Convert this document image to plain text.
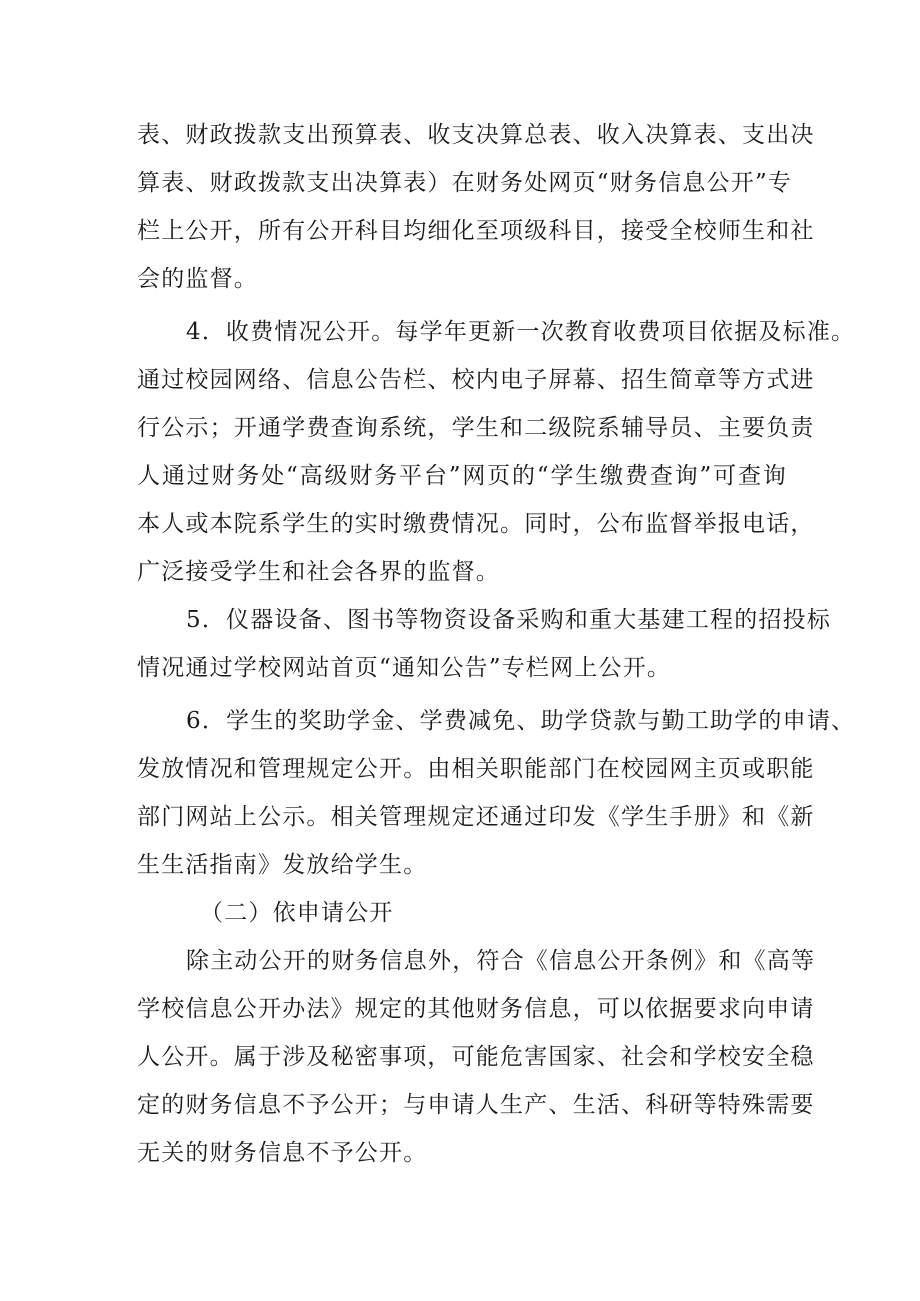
表、财政拨款支出预算表、收支决算总表、收入决算表、支出决
算表、财政拨款支出决算表）在财务处网页“财务信息公开”专
栏上公开，所有公开科目均细化至项级科目，接受全校师生和社
会的监督。
4．收费情况公开。每学年更新一次教育收费项目依据及标准。
通过校园网络、信息公告栏、校内电子屏幕、招生简章等方式进
行公示；开通学费查询系统，学生和二级院系辅导员、主要负责
人通过财务处“高级财务平台”网页的“学生缴费查询”可查询
本人或本院系学生的实时缴费情况。同时，公布监督举报电话，
广泛接受学生和社会各界的监督。
5．仪器设备、图书等物资设备采购和重大基建工程的招投标
情况通过学校网站首页“通知公告”专栏网上公开。
6．学生的奖助学金、学费减免、助学贷款与勤工助学的申请、
发放情况和管理规定公开。由相关职能部门在校园网主页或职能
部门网站上公示。相关管理规定还通过印发《学生手册》和《新
生生活指南》发放给学生。
（二）依申请公开
除主动公开的财务信息外，符合《信息公开条例》和《高等
学校信息公开办法》规定的其他财务信息，可以依据要求向申请
人公开。属于涉及秘密事项，可能危害国家、社会和学校安全稳
定的财务信息不予公开；与申请人生产、生活、科研等特殊需要
无关的财务信息不予公开。
